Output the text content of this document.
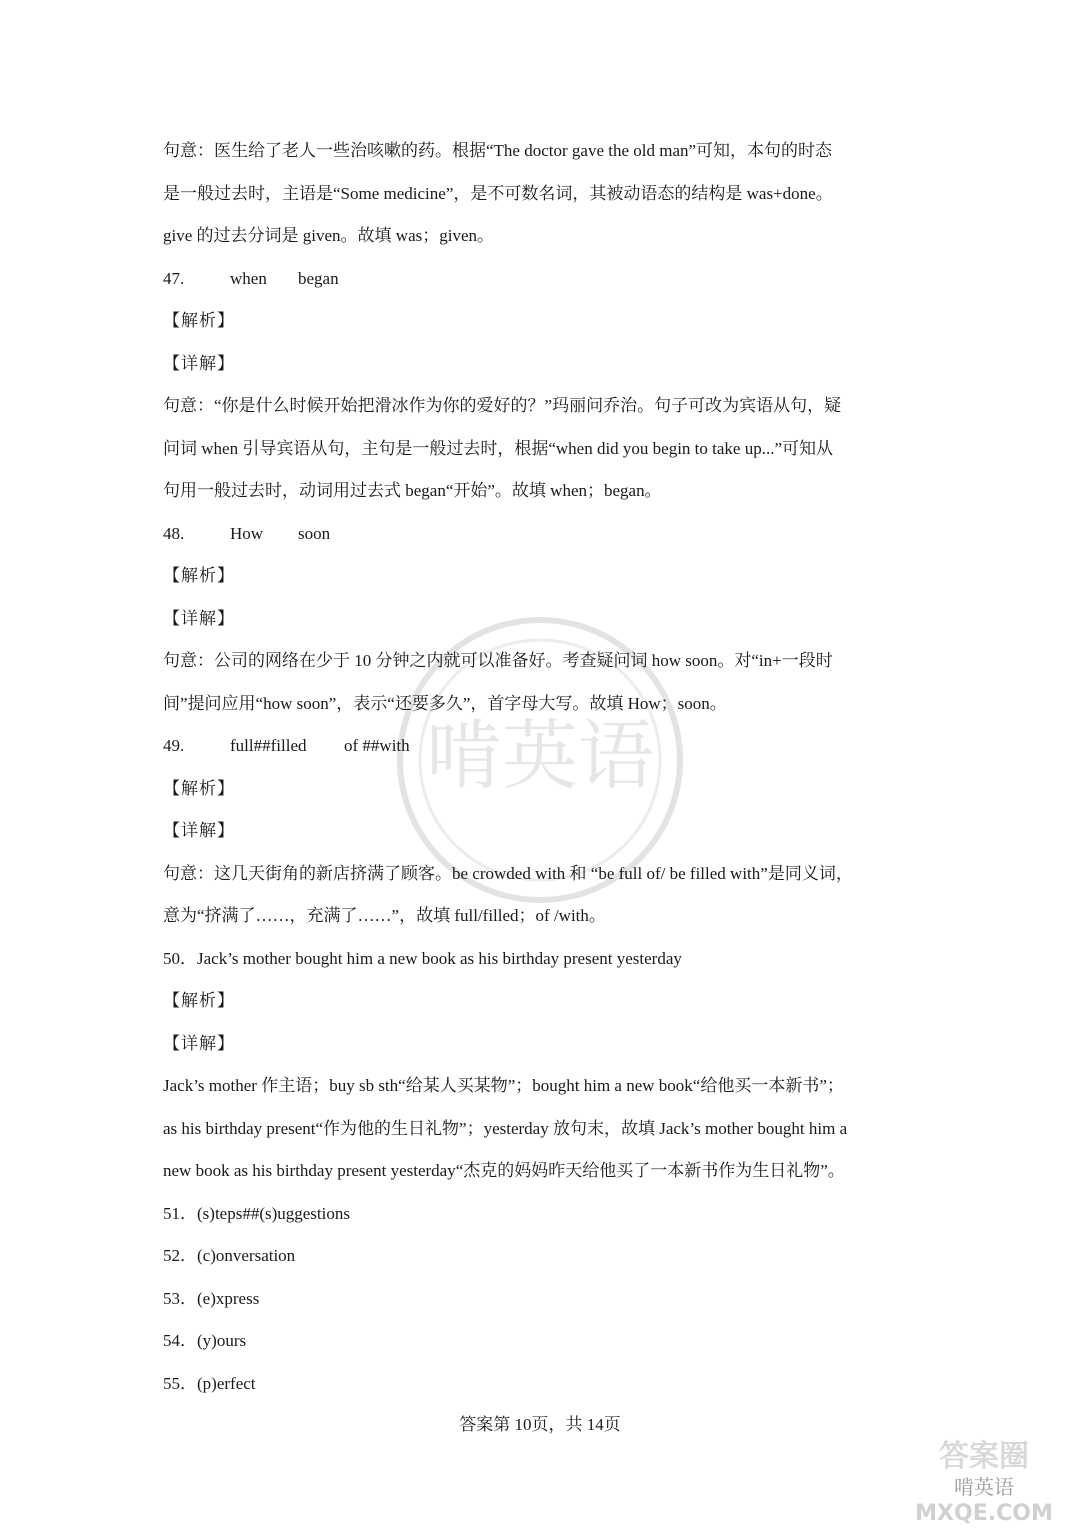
啃英语
句意：医生给了老人一些治咳嗽的药。根据“The doctor gave the old man”可知，本句的时态
是一般过去时，主语是“Some medicine”，是不可数名词，其被动语态的结构是 was+done。
give 的过去分词是 given。故填 was；given。
47.	when began
【解析】
【详解】
句意：“你是什么时候开始把滑冰作为你的爱好的？”玛丽问乔治。句子可改为宾语从句，疑
问词 when 引导宾语从句，主句是一般过去时，根据“when did you begin to take up...”可知从
句用一般过去时，动词用过去式 began“开始”。故填 when；began。
48.	How soon
【解析】
【详解】
句意：公司的网络在少于 10 分钟之内就可以准备好。考查疑问词 how soon。对“in+一段时
间”提问应用“how soon”，表示“还要多久”，首字母大写。故填 How；soon。
49.	full##filled of ##with
【解析】
【详解】
句意：这几天街角的新店挤满了顾客。be crowded with 和 “be full of/ be filled with”是同义词，
意为“挤满了……，充满了……”，故填 full/filled；of /with。
50．Jack’s mother bought him a new book as his birthday present yesterday
【解析】
【详解】
Jack’s mother 作主语；buy sb sth“给某人买某物”；bought him a new book“给他买一本新书”；
as his birthday present“作为他的生日礼物”；yesterday 放句末，故填 Jack’s mother bought him a
new book as his birthday present yesterday“杰克的妈妈昨天给他买了一本新书作为生日礼物”。
51．(s)teps##(s)uggestions
52．(c)onversation
53．(e)xpress
54．(y)ours
55．(p)erfect
答案第 10页，共 14页
答案圈
啃英语
MXQE.COM
